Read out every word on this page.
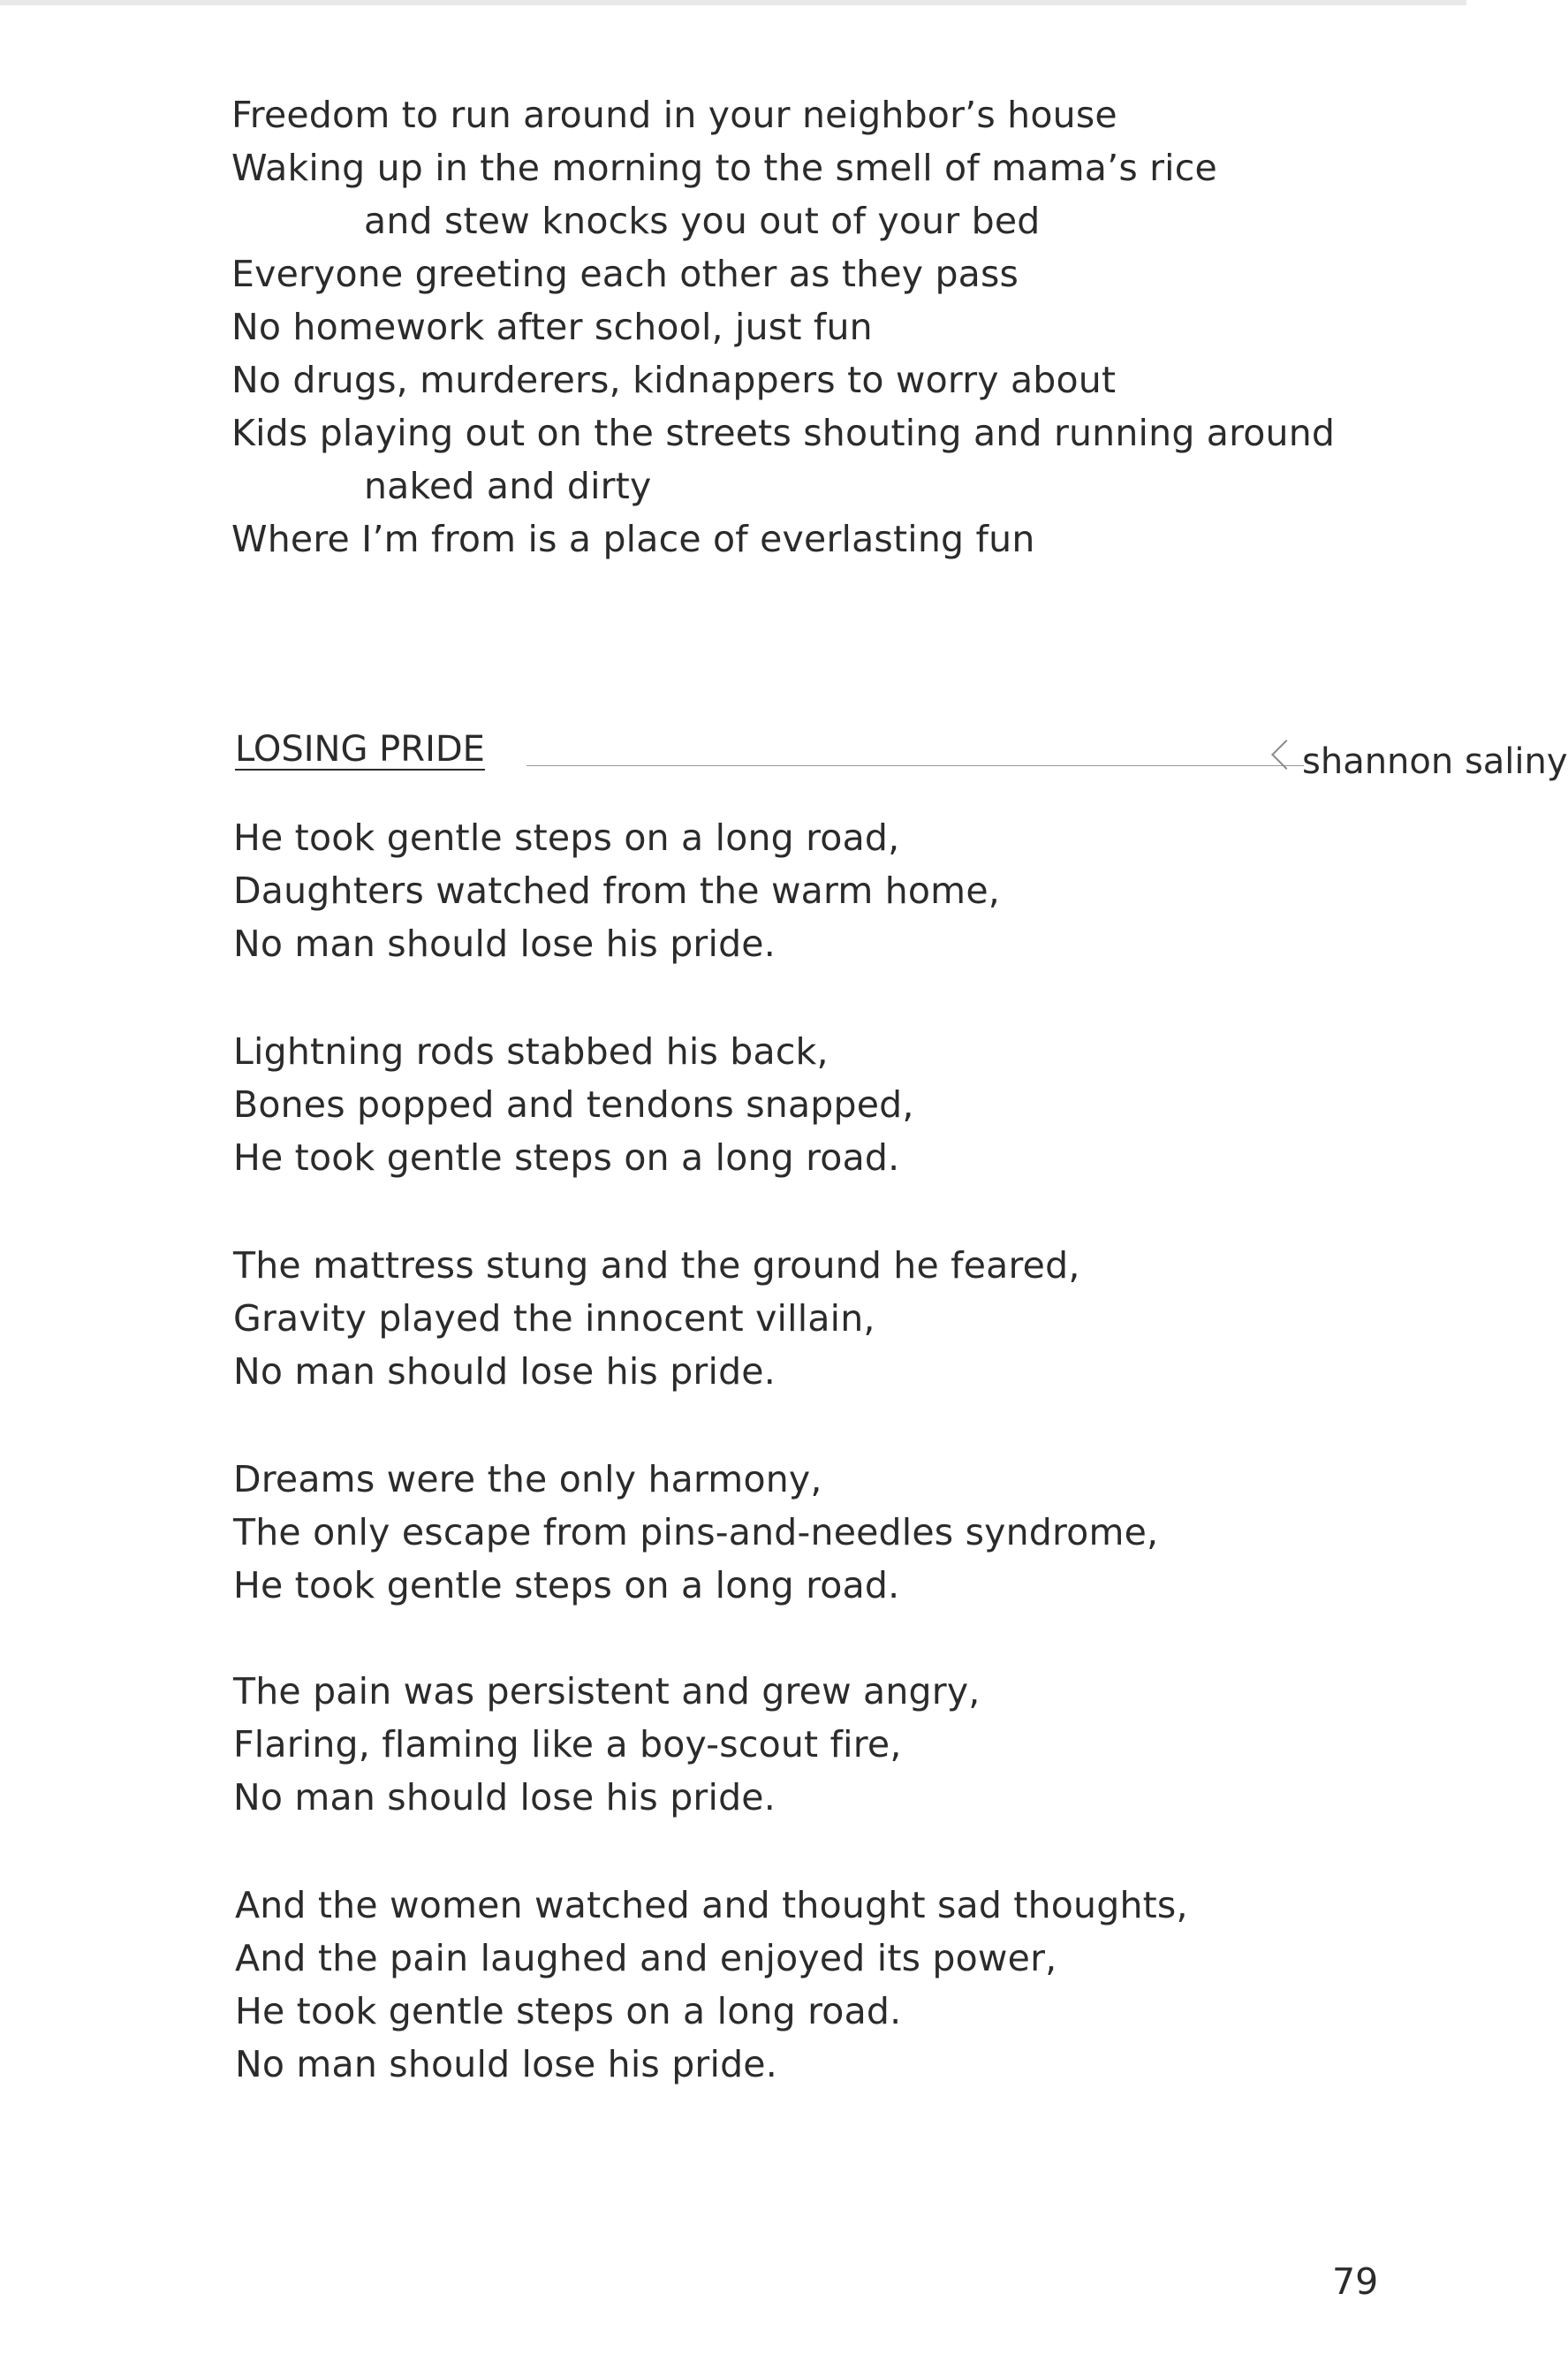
Freedom to run around in your neighbor’s house
Waking up in the morning to the smell of mama’s rice
and stew knocks you out of your bed
Everyone greeting each other as they pass
No homework after school, just fun
No drugs, murderers, kidnappers to worry about
Kids playing out on the streets shouting and running around
naked and dirty
Where I’m from is a place of everlasting fun
LOSING PRIDE	shannon saliny
He took gentle steps on a long road,
Daughters watched from the warm home,
No man should lose his pride.
Lightning rods stabbed his back,
Bones popped and tendons snapped,
He took gentle steps on a long road.
The mattress stung and the ground he feared,
Gravity played the innocent villain,
No man should lose his pride.
Dreams were the only harmony,
The only escape from pins-and-needles syndrome,
He took gentle steps on a long road.
The pain was persistent and grew angry,
Flaring, flaming like a boy-scout fire,
No man should lose his pride.
And the women watched and thought sad thoughts,
And the pain laughed and enjoyed its power,
He took gentle steps on a long road.
No man should lose his pride.
79
